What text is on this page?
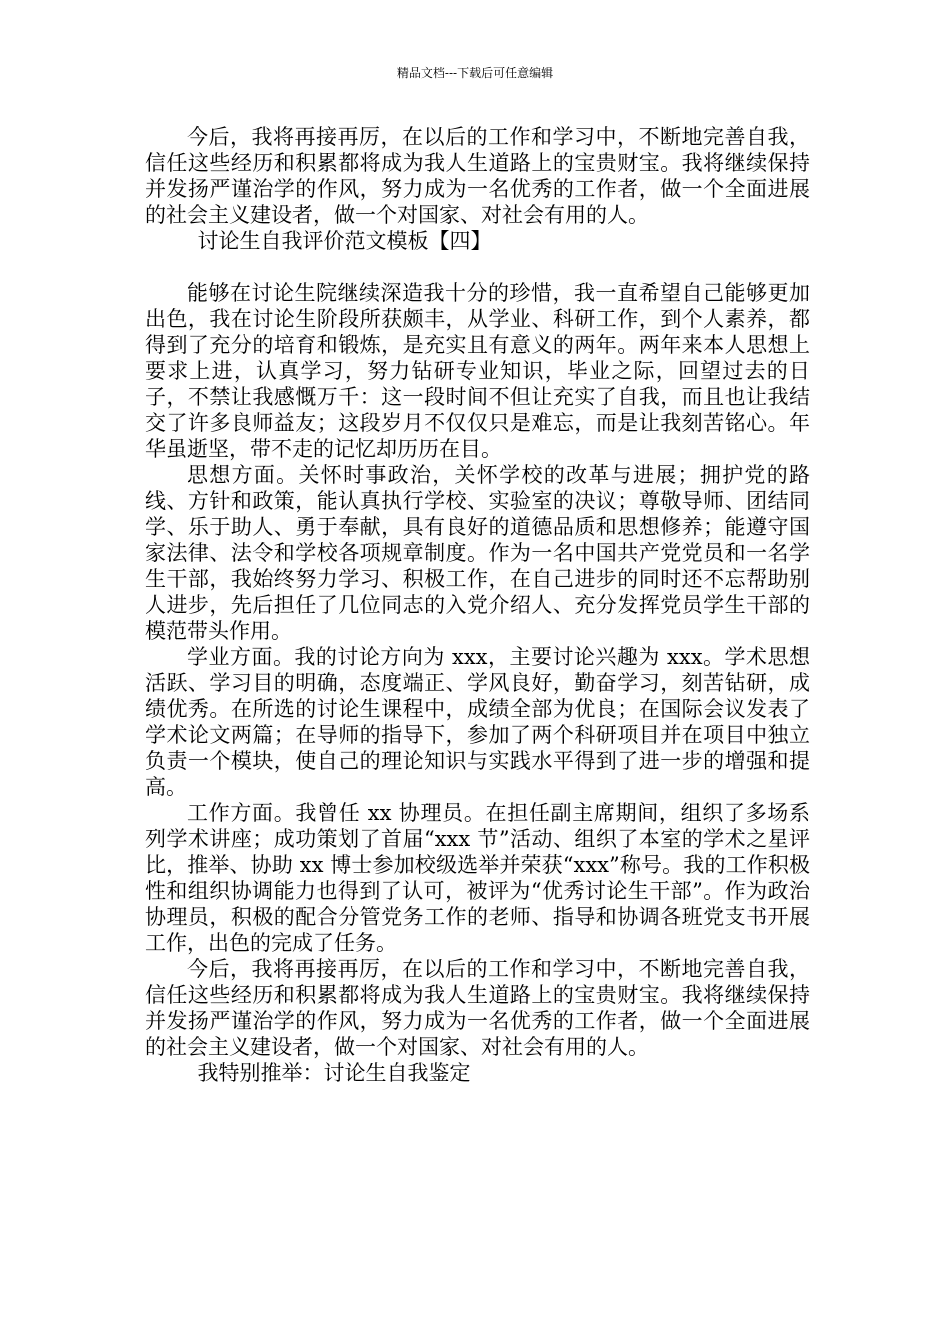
精品文档---下载后可任意编辑

今后，我将再接再厉，在以后的工作和学习中，不断地完善自我，信任这些经历和积累都将成为我人生道路上的宝贵财宝。我将继续保持并发扬严谨治学的作风，努力成为一名优秀的工作者，做一个全面进展的社会主义建设者，做一个对国家、对社会有用的人。

讨论生自我评价范文模板【四】

能够在讨论生院继续深造我十分的珍惜，我一直希望自己能够更加出色，我在讨论生阶段所获颇丰，从学业、科研工作，到个人素养，都得到了充分的培育和锻炼，是充实且有意义的两年。两年来本人思想上要求上进，认真学习，努力钻研专业知识，毕业之际，回望过去的日子，不禁让我感慨万千：这一段时间不但让充实了自我，而且也让我结交了许多良师益友；这段岁月不仅仅只是难忘，而是让我刻苦铭心。年华虽逝坚，带不走的记忆却历历在目。

思想方面。关怀时事政治，关怀学校的改革与进展；拥护党的路线、方针和政策，能认真执行学校、实验室的决议；尊敬导师、团结同学、乐于助人、勇于奉献，具有良好的道德品质和思想修养；能遵守国家法律、法令和学校各项规章制度。作为一名中国共产党党员和一名学生干部，我始终努力学习、积极工作，在自己进步的同时还不忘帮助别人进步，先后担任了几位同志的入党介绍人、充分发挥党员学生干部的模范带头作用。

学业方面。我的讨论方向为 xxx，主要讨论兴趣为 xxx。学术思想活跃、学习目的明确，态度端正、学风良好，勤奋学习，刻苦钻研，成绩优秀。在所选的讨论生课程中，成绩全部为优良；在国际会议发表了学术论文两篇；在导师的指导下，参加了两个科研项目并在项目中独立负责一个模块，使自己的理论知识与实践水平得到了进一步的增强和提高。

工作方面。我曾任 xx 协理员。在担任副主席期间，组织了多场系列学术讲座；成功策划了首届“xxx 节”活动、组织了本室的学术之星评比，推举、协助 xx 博士参加校级选举并荣获“xxx”称号。我的工作积极性和组织协调能力也得到了认可，被评为“优秀讨论生干部”。作为政治协理员，积极的配合分管党务工作的老师、指导和协调各班党支书开展工作，出色的完成了任务。

今后，我将再接再厉，在以后的工作和学习中，不断地完善自我，信任这些经历和积累都将成为我人生道路上的宝贵财宝。我将继续保持并发扬严谨治学的作风，努力成为一名优秀的工作者，做一个全面进展的社会主义建设者，做一个对国家、对社会有用的人。

我特别推举：讨论生自我鉴定
